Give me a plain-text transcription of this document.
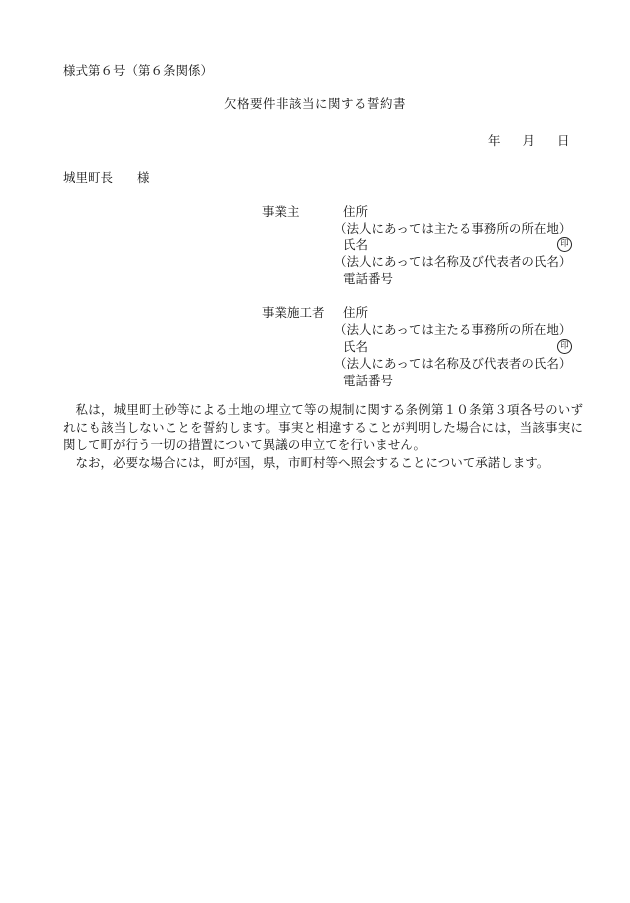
様式第６号（第６条関係）
欠格要件非該当に関する誓約書
年 月 日
城里町長 様
事業主	住所
（法人にあっては主たる事務所の所在地）
氏名	印
（法人にあっては名称及び代表者の氏名）
電話番号
事業施工者 住所
（法人にあっては主たる事務所の所在地）
氏名	印
（法人にあっては名称及び代表者の氏名）
電話番号

私は，城里町土砂等による土地の埋立て等の規制に関する条例第１０条第３項各号のいずれにも該当しないことを誓約します。事実と相違することが判明した場合には，当該事実に関して町が行う一切の措置について異議の申立てを行いません。

なお，必要な場合には，町が国，県，市町村等へ照会することについて承諾します。
